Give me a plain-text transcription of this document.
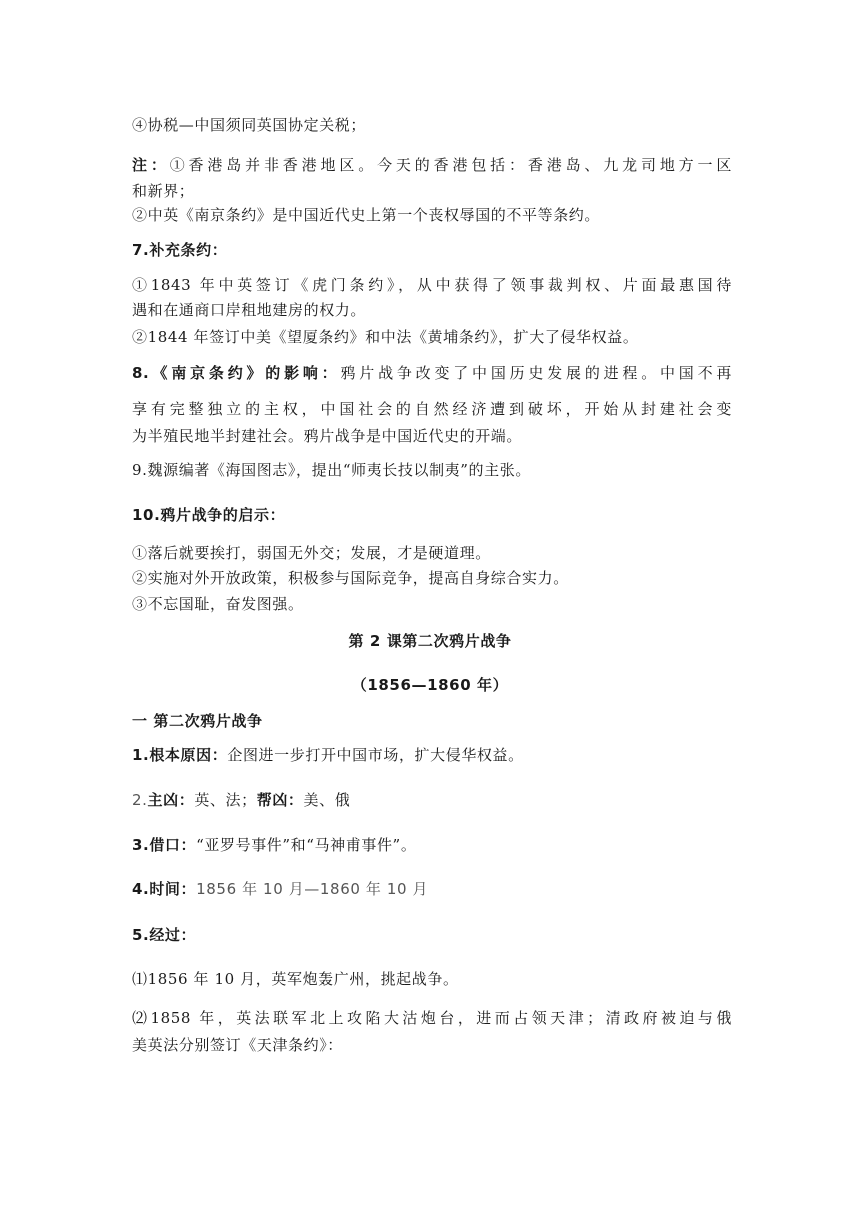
④协税—中国须同英国协定关税；
注：①香港岛并非香港地区。今天的香港包括：香港岛、九龙司地方一区
和新界；
②中英《南京条约》是中国近代史上第一个丧权辱国的不平等条约。
7.补充条约：
①1843 年中英签订《虎门条约》，从中获得了领事裁判权、片面最惠国待
遇和在通商口岸租地建房的权力。
②1844 年签订中美《望厦条约》和中法《黄埔条约》，扩大了侵华权益。
8.《南京条约》的影响：鸦片战争改变了中国历史发展的进程。中国不再
享有完整独立的主权，中国社会的自然经济遭到破坏，开始从封建社会变
为半殖民地半封建社会。鸦片战争是中国近代史的开端。
9.魏源编著《海国图志》，提出“师夷长技以制夷”的主张。
10.鸦片战争的启示：
①落后就要挨打，弱国无外交；发展，才是硬道理。
②实施对外开放政策，积极参与国际竞争，提高自身综合实力。
③不忘国耻，奋发图强。
第 2 课第二次鸦片战争
（1856—1860 年）
一 第二次鸦片战争
1.根本原因：企图进一步打开中国市场，扩大侵华权益。
2.主凶：英、法；帮凶：美、俄
3.借口：“亚罗号事件”和“马神甫事件”。
4.时间：1856 年 10 月—1860 年 10 月
5.经过：
⑴1856 年 10 月，英军炮轰广州，挑起战争。
⑵1858 年，英法联军北上攻陷大沽炮台，进而占领天津；清政府被迫与俄
美英法分别签订《天津条约》：
